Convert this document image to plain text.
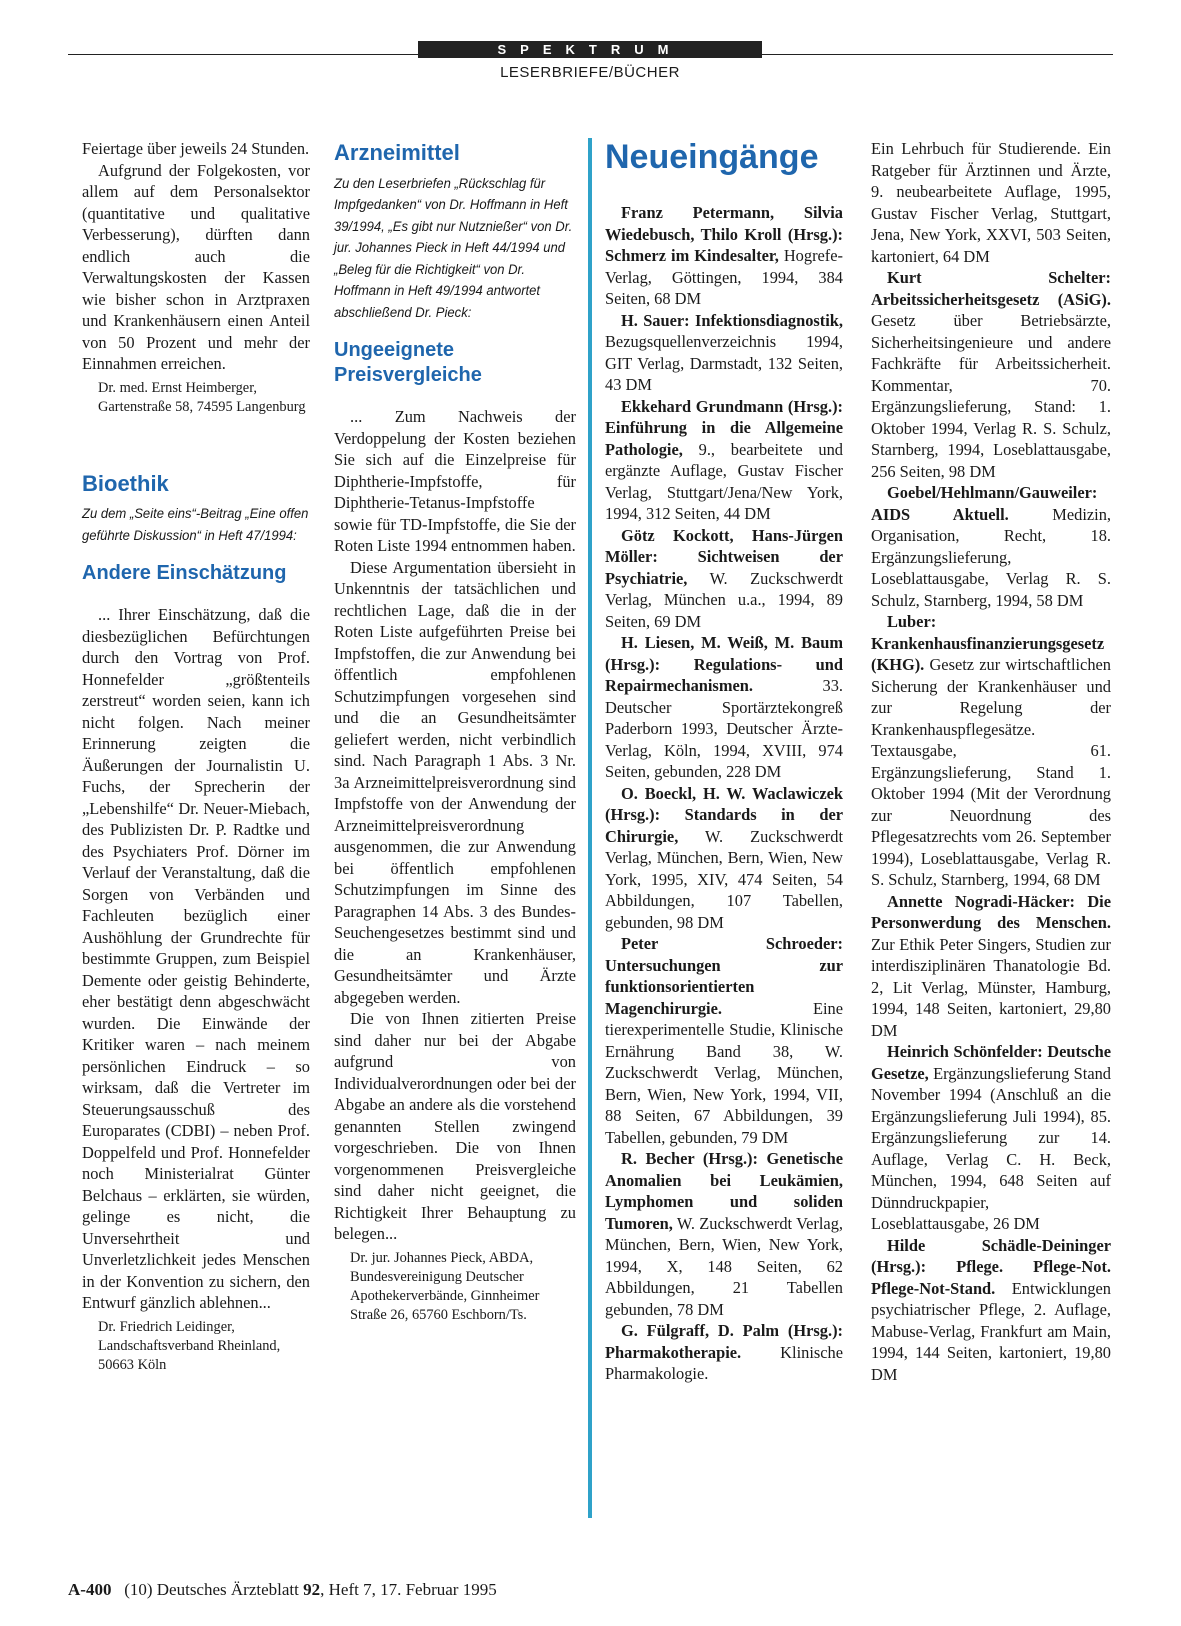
SPEKTRUM
LESERBRIEFE/BÜCHER

Feiertage über jeweils 24 Stunden.

Aufgrund der Folgekosten, vor allem auf dem Personalsektor (quantitative und qualitative Verbesserung), dürften dann endlich auch die Verwaltungskosten der Kassen wie bisher schon in Arztpraxen und Krankenhäusern einen Anteil von 50 Prozent und mehr der Einnahmen erreichen.

Dr. med. Ernst Heimberger, Gartenstraße 58, 74595 Langenburg

Bioethik

Zu dem „Seite eins“-Beitrag „Eine offen geführte Diskussion“ in Heft 47/1994:

Andere Einschätzung

... Ihrer Einschätzung, daß die diesbezüglichen Befürchtungen durch den Vortrag von Prof. Honnefelder „größtenteils zerstreut“ worden seien, kann ich nicht folgen. Nach meiner Erinnerung zeigten die Äußerungen der Journalistin U. Fuchs, der Sprecherin der „Lebenshilfe“ Dr. Neuer-Miebach, des Publizisten Dr. P. Radtke und des Psychiaters Prof. Dörner im Verlauf der Veranstaltung, daß die Sorgen von Verbänden und Fachleuten bezüglich einer Aushöhlung der Grundrechte für bestimmte Gruppen, zum Beispiel Demente oder geistig Behinderte, eher bestätigt denn abgeschwächt wurden. Die Einwände der Kritiker waren – nach meinem persönlichen Eindruck – so wirksam, daß die Vertreter im Steuerungsausschuß des Europarates (CDBI) – neben Prof. Doppelfeld und Prof. Honnefelder noch Ministerialrat Günter Belchaus – erklärten, sie würden, gelinge es nicht, die Unversehrtheit und Unverletzlichkeit jedes Menschen in der Konvention zu sichern, den Entwurf gänzlich ablehnen...

Dr. Friedrich Leidinger, Landschaftsverband Rheinland, 50663 Köln

Arzneimittel

Zu den Leserbriefen „Rückschlag für Impfgedanken“ von Dr. Hoffmann in Heft 39/1994, „Es gibt nur Nutznießer“ von Dr. jur. Johannes Pieck in Heft 44/1994 und „Beleg für die Richtigkeit“ von Dr. Hoffmann in Heft 49/1994 antwortet abschließend Dr. Pieck:

Ungeeignete Preisvergleiche

... Zum Nachweis der Verdoppelung der Kosten beziehen Sie sich auf die Einzelpreise für Diphtherie-Impfstoffe, für Diphtherie-Tetanus-Impfstoffe sowie für TD-Impfstoffe, die Sie der Roten Liste 1994 entnommen haben.

Diese Argumentation übersieht in Unkenntnis der tatsächlichen und rechtlichen Lage, daß die in der Roten Liste aufgeführten Preise bei Impfstoffen, die zur Anwendung bei öffentlich empfohlenen Schutzimpfungen vorgesehen sind und die an Gesundheitsämter geliefert werden, nicht verbindlich sind. Nach Paragraph 1 Abs. 3 Nr. 3a Arzneimittelpreisverordnung sind Impfstoffe von der Anwendung der Arzneimittelpreisverordnung ausgenommen, die zur Anwendung bei öffentlich empfohlenen Schutzimpfungen im Sinne des Paragraphen 14 Abs. 3 des Bundes-Seuchengesetzes bestimmt sind und die an Krankenhäuser, Gesundheitsämter und Ärzte abgegeben werden.

Die von Ihnen zitierten Preise sind daher nur bei der Abgabe aufgrund von Individualverordnungen oder bei der Abgabe an andere als die vorstehend genannten Stellen zwingend vorgeschrieben. Die von Ihnen vorgenommenen Preisvergleiche sind daher nicht geeignet, die Richtigkeit Ihrer Behauptung zu belegen...

Dr. jur. Johannes Pieck, ABDA, Bundesvereinigung Deutscher Apothekerverbände, Ginnheimer Straße 26, 65760 Eschborn/Ts.

Neueingänge

Franz Petermann, Silvia Wiedebusch, Thilo Kroll (Hrsg.): Schmerz im Kindesalter, Hogrefe-Verlag, Göttingen, 1994, 384 Seiten, 68 DM

H. Sauer: Infektionsdiagnostik, Bezugsquellenverzeichnis 1994, GIT Verlag, Darmstadt, 132 Seiten, 43 DM

Ekkehard Grundmann (Hrsg.): Einführung in die Allgemeine Pathologie, 9., bearbeitete und ergänzte Auflage, Gustav Fischer Verlag, Stuttgart/Jena/New York, 1994, 312 Seiten, 44 DM

Götz Kockott, Hans-Jürgen Möller: Sichtweisen der Psychiatrie, W. Zuckschwerdt Verlag, München u.a., 1994, 89 Seiten, 69 DM

H. Liesen, M. Weiß, M. Baum (Hrsg.): Regulations- und Repairmechanismen. 33. Deutscher Sportärztekongreß Paderborn 1993, Deutscher Ärzte-Verlag, Köln, 1994, XVIII, 974 Seiten, gebunden, 228 DM

O. Boeckl, H. W. Waclawiczek (Hrsg.): Standards in der Chirurgie, W. Zuckschwerdt Verlag, München, Bern, Wien, New York, 1995, XIV, 474 Seiten, 54 Abbildungen, 107 Tabellen, gebunden, 98 DM

Peter Schroeder: Untersuchungen zur funktionsorientierten Magenchirurgie. Eine tierexperimentelle Studie, Klinische Ernährung Band 38, W. Zuckschwerdt Verlag, München, Bern, Wien, New York, 1994, VII, 88 Seiten, 67 Abbildungen, 39 Tabellen, gebunden, 79 DM

R. Becher (Hrsg.): Genetische Anomalien bei Leukämien, Lymphomen und soliden Tumoren, W. Zuckschwerdt Verlag, München, Bern, Wien, New York, 1994, X, 148 Seiten, 62 Abbildungen, 21 Tabellen gebunden, 78 DM

G. Fülgraff, D. Palm (Hrsg.): Pharmakotherapie. Klinische Pharmakologie.

Ein Lehrbuch für Studierende. Ein Ratgeber für Ärztinnen und Ärzte, 9. neubearbeitete Auflage, 1995, Gustav Fischer Verlag, Stuttgart, Jena, New York, XXVI, 503 Seiten, kartoniert, 64 DM

Kurt Schelter: Arbeitssicherheitsgesetz (ASiG). Gesetz über Betriebsärzte, Sicherheitsingenieure und andere Fachkräfte für Arbeitssicherheit. Kommentar, 70. Ergänzungslieferung, Stand: 1. Oktober 1994, Verlag R. S. Schulz, Starnberg, 1994, Loseblattausgabe, 256 Seiten, 98 DM

Goebel/Hehlmann/Gauweiler: AIDS Aktuell. Medizin, Organisation, Recht, 18. Ergänzungslieferung, Loseblattausgabe, Verlag R. S. Schulz, Starnberg, 1994, 58 DM

Luber: Krankenhausfinanzierungsgesetz (KHG). Gesetz zur wirtschaftlichen Sicherung der Krankenhäuser und zur Regelung der Krankenhauspflegesätze. Textausgabe, 61. Ergänzungslieferung, Stand 1. Oktober 1994 (Mit der Verordnung zur Neuordnung des Pflegesatzrechts vom 26. September 1994), Loseblattausgabe, Verlag R. S. Schulz, Starnberg, 1994, 68 DM

Annette Nogradi-Häcker: Die Personwerdung des Menschen. Zur Ethik Peter Singers, Studien zur interdisziplinären Thanatologie Bd. 2, Lit Verlag, Münster, Hamburg, 1994, 148 Seiten, kartoniert, 29,80 DM

Heinrich Schönfelder: Deutsche Gesetze, Ergänzungslieferung Stand November 1994 (Anschluß an die Ergänzungslieferung Juli 1994), 85. Ergänzungslieferung zur 14. Auflage, Verlag C. H. Beck, München, 1994, 648 Seiten auf Dünndruckpapier, Loseblattausgabe, 26 DM

Hilde Schädle-Deininger (Hrsg.): Pflege. Pflege-Not. Pflege-Not-Stand. Entwicklungen psychiatrischer Pflege, 2. Auflage, Mabuse-Verlag, Frankfurt am Main, 1994, 144 Seiten, kartoniert, 19,80 DM

A-400 (10) Deutsches Ärzteblatt 92, Heft 7, 17. Februar 1995
